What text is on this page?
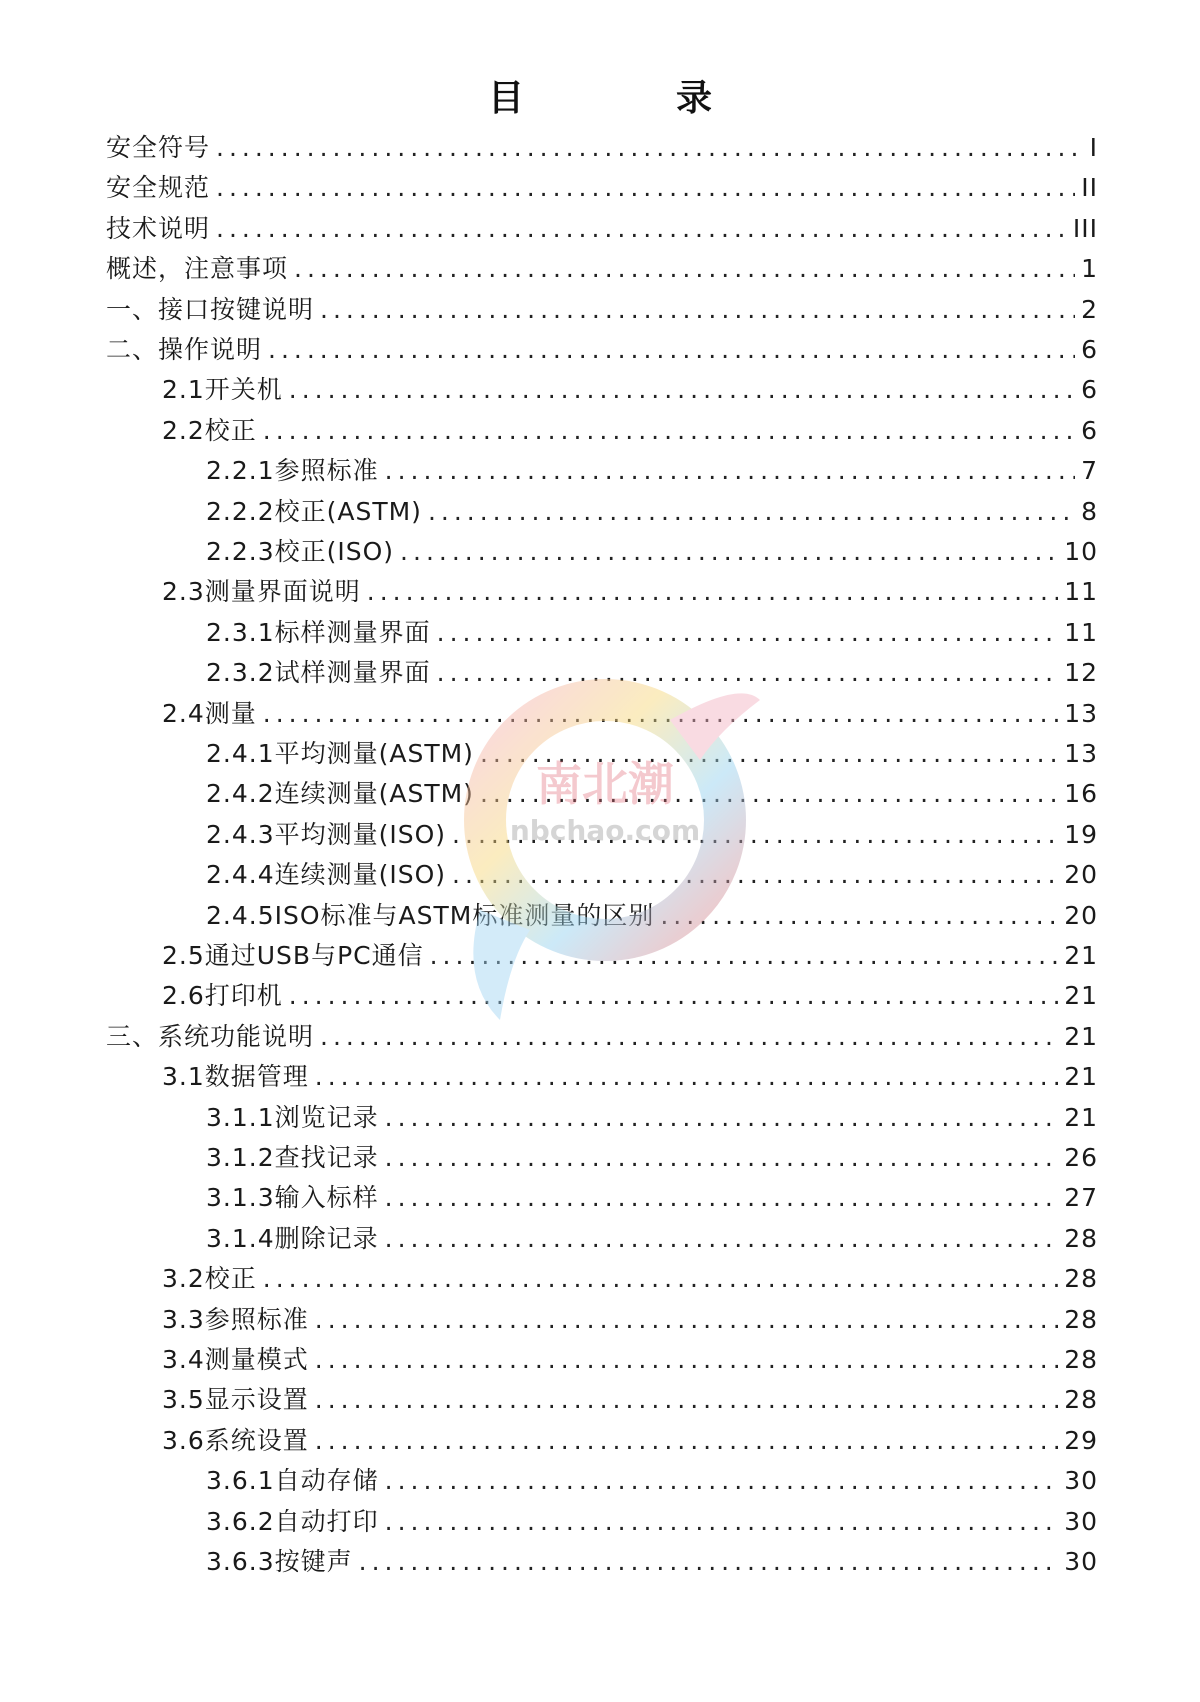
目　录
安全符号 .....	I
安全规范 .....	II
技术说明 .....	III
概述，注意事项 .....	1
一、接口按键说明 .....	2
二、操作说明 .....	6
2.1开关机 .....	6
2.2校正 .....	6
2.2.1参照标准 .....	7
2.2.2校正(ASTM) .....	8
2.2.3校正(ISO) .....	10
2.3测量界面说明 .....	11
2.3.1标样测量界面 .....	11
2.3.2试样测量界面 .....	12
2.4测量 .....	13
2.4.1平均测量(ASTM) .....	13
2.4.2连续测量(ASTM) .....	16
2.4.3平均测量(ISO) .....	19
2.4.4连续测量(ISO) .....	20
2.4.5ISO标准与ASTM标准测量的区别 .....	20
2.5通过USB与PC通信 .....	21
2.6打印机 .....	21
三、系统功能说明 .....	21
3.1数据管理 .....	21
3.1.1浏览记录 .....	21
3.1.2查找记录 .....	26
3.1.3输入标样 .....	27
3.1.4删除记录 .....	28
3.2校正 .....	28
3.3参照标准 .....	28
3.4测量模式 .....	28
3.5显示设置 .....	28
3.6系统设置 .....	29
3.6.1自动存储 .....	30
3.6.2自动打印 .....	30
3.6.3按键声 .....	30
南北潮
nbchao.com
